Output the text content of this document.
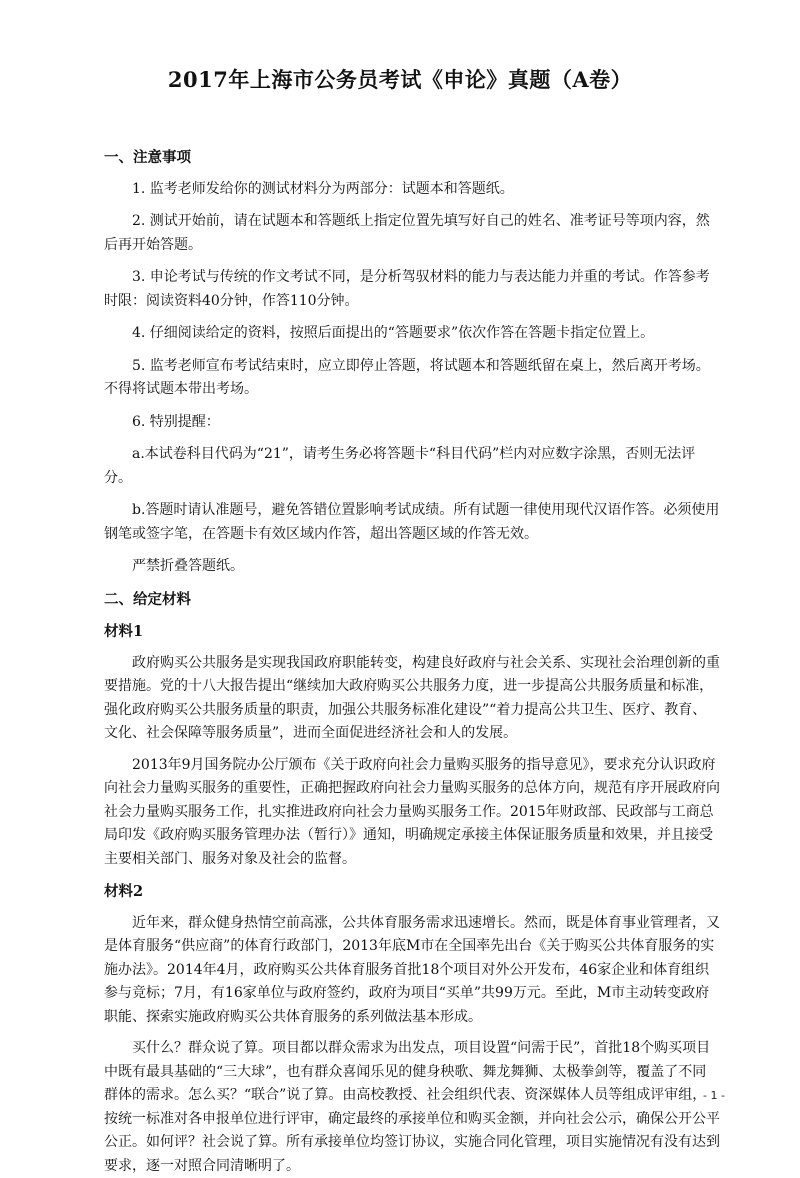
2017年上海市公务员考试《申论》真题（A卷）

一、注意事项

1. 监考老师发给你的测试材料分为两部分：试题本和答题纸。

2. 测试开始前，请在试题本和答题纸上指定位置先填写好自己的姓名、准考证号等项内容，然后再开始答题。

3. 申论考试与传统的作文考试不同，是分析驾驭材料的能力与表达能力并重的考试。作答参考时限：阅读资料40分钟，作答110分钟。

4. 仔细阅读给定的资料，按照后面提出的“答题要求”依次作答在答题卡指定位置上。

5. 监考老师宣布考试结束时，应立即停止答题，将试题本和答题纸留在桌上，然后离开考场。不得将试题本带出考场。

6. 特别提醒：

a.本试卷科目代码为“21”，请考生务必将答题卡“科目代码”栏内对应数字涂黑，否则无法评分。

b.答题时请认准题号，避免答错位置影响考试成绩。所有试题一律使用现代汉语作答。必须使用钢笔或签字笔，在答题卡有效区域内作答，超出答题区域的作答无效。

严禁折叠答题纸。

二、给定材料

材料1

政府购买公共服务是实现我国政府职能转变，构建良好政府与社会关系、实现社会治理创新的重要措施。党的十八大报告提出“继续加大政府购买公共服务力度，进一步提高公共服务质量和标准，强化政府购买公共服务质量的职责，加强公共服务标准化建设”“着力提高公共卫生、医疗、教育、文化、社会保障等服务质量”，进而全面促进经济社会和人的发展。

2013年9月国务院办公厅颁布《关于政府向社会力量购买服务的指导意见》，要求充分认识政府向社会力量购买服务的重要性，正确把握政府向社会力量购买服务的总体方向，规范有序开展政府向社会力量购买服务工作，扎实推进政府向社会力量购买服务工作。2015年财政部、民政部与工商总局印发《政府购买服务管理办法（暂行）》通知，明确规定承接主体保证服务质量和效果，并且接受主要相关部门、服务对象及社会的监督。

材料2

近年来，群众健身热情空前高涨，公共体育服务需求迅速增长。然而，既是体育事业管理者，又是体育服务“供应商”的体育行政部门，2013年底M市在全国率先出台《关于购买公共体育服务的实施办法》。2014年4月，政府购买公共体育服务首批18个项目对外公开发布，46家企业和体育组织参与竞标；7月，有16家单位与政府签约，政府为项目“买单”共99万元。至此，M市主动转变政府职能、探索实施政府购买公共体育服务的系列做法基本形成。

买什么？群众说了算。项目都以群众需求为出发点，项目设置“问需于民”，首批18个购买项目中既有最具基础的“三大球”，也有群众喜闻乐见的健身秧歌、舞龙舞狮、太极拳剑等，覆盖了不同群体的需求。怎么买？“联合”说了算。由高校教授、社会组织代表、资深媒体人员等组成评审组，按统一标准对各申报单位进行评审，确定最终的承接单位和购买金额，并向社会公示，确保公开公平公正。如何评？社会说了算。所有承接单位均签订协议，实施合同化管理，项目实施情况有没有达到要求，逐一对照合同清晰明了。

- 1 -
